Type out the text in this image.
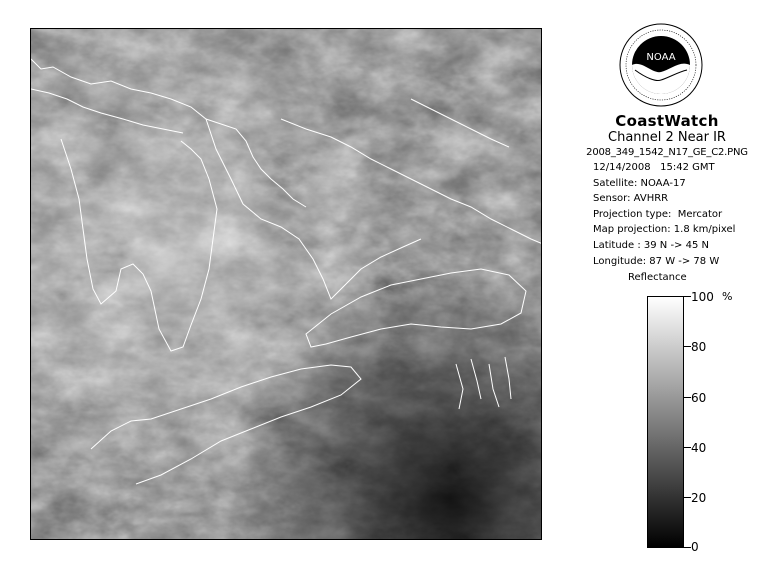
NOAA
CoastWatch
Channel 2 Near IR
2008_349_1542_N17_GE_C2.PNG
12/14/2008   15:42 GMT
Satellite: NOAA-17
Sensor: AVHRR
Projection type:  Mercator
Map projection: 1.8 km/pixel
Latitude : 39 N -> 45 N
Longitude: 87 W -> 78 W
Reflectance
%
100
80
60
40
20
0
